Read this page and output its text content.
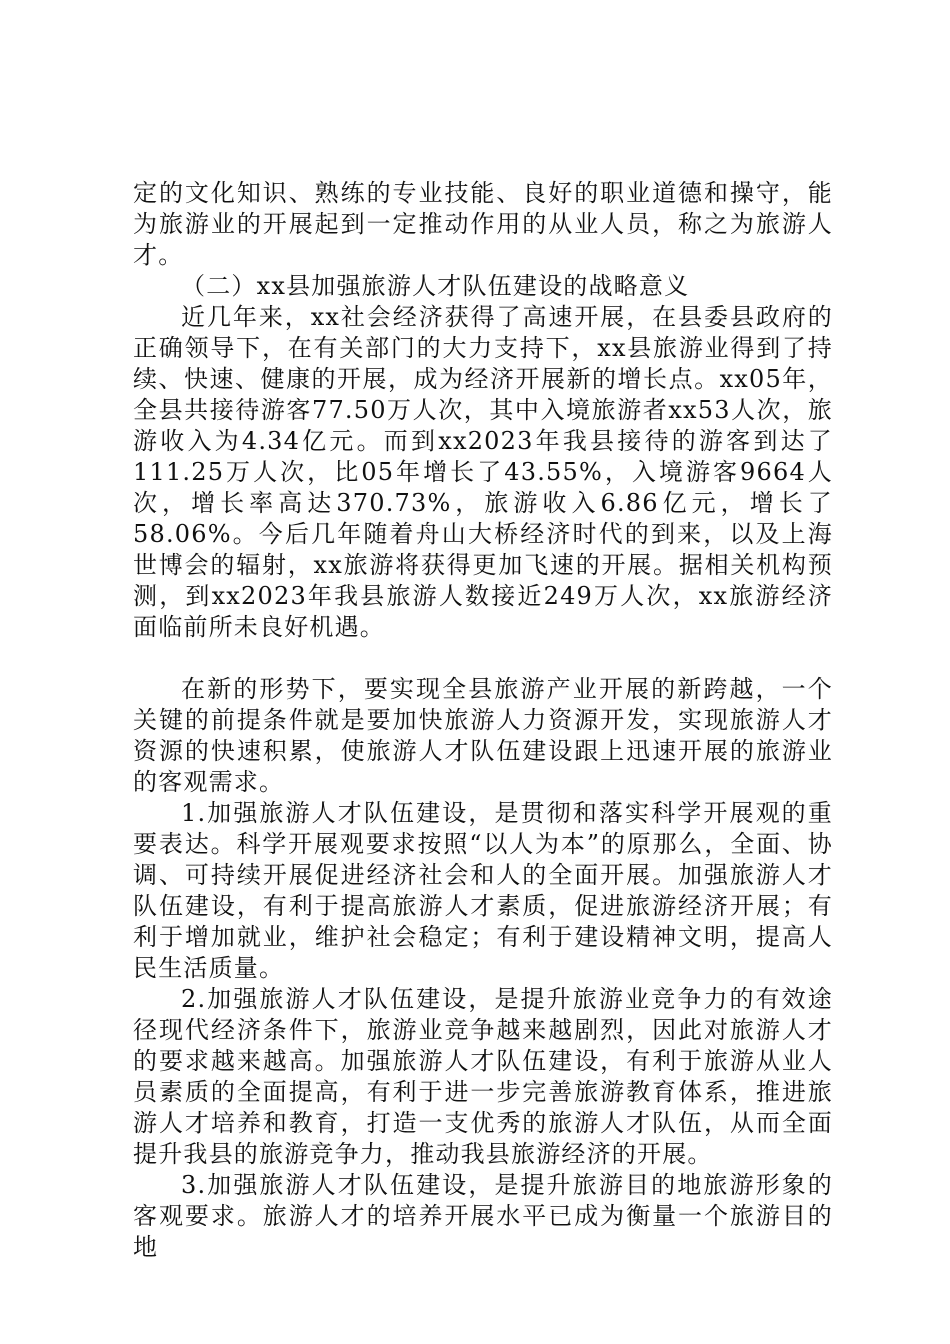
定的文化知识、熟练的专业技能、良好的职业道德和操守，能为旅游业的开展起到一定推动作用的从业人员，称之为旅游人才。

（二）xx县加强旅游人才队伍建设的战略意义

近几年来，xx社会经济获得了高速开展，在县委县政府的正确领导下，在有关部门的大力支持下，xx县旅游业得到了持续、快速、健康的开展，成为经济开展新的增长点。xx05年，全县共接待游客77.50万人次，其中入境旅游者xx53人次，旅游收入为4.34亿元。而到xx2023年我县接待的游客到达了111.25万人次，比05年增长了43.55%，入境游客9664人次，增长率高达370.73%，旅游收入6.86亿元，增长了58.06%。今后几年随着舟山大桥经济时代的到来，以及上海世博会的辐射，xx旅游将获得更加飞速的开展。据相关机构预测，到xx2023年我县旅游人数接近249万人次，xx旅游经济面临前所未良好机遇。

在新的形势下，要实现全县旅游产业开展的新跨越，一个关键的前提条件就是要加快旅游人力资源开发，实现旅游人才资源的快速积累，使旅游人才队伍建设跟上迅速开展的旅游业的客观需求。

1.加强旅游人才队伍建设，是贯彻和落实科学开展观的重要表达。科学开展观要求按照“以人为本”的原那么，全面、协调、可持续开展促进经济社会和人的全面开展。加强旅游人才队伍建设，有利于提高旅游人才素质，促进旅游经济开展；有利于增加就业，维护社会稳定；有利于建设精神文明，提高人民生活质量。

2.加强旅游人才队伍建设，是提升旅游业竞争力的有效途径现代经济条件下，旅游业竞争越来越剧烈，因此对旅游人才的要求越来越高。加强旅游人才队伍建设，有利于旅游从业人员素质的全面提高，有利于进一步完善旅游教育体系，推进旅游人才培养和教育，打造一支优秀的旅游人才队伍，从而全面提升我县的旅游竞争力，推动我县旅游经济的开展。

3.加强旅游人才队伍建设，是提升旅游目的地旅游形象的客观要求。旅游人才的培养开展水平已成为衡量一个旅游目的地
